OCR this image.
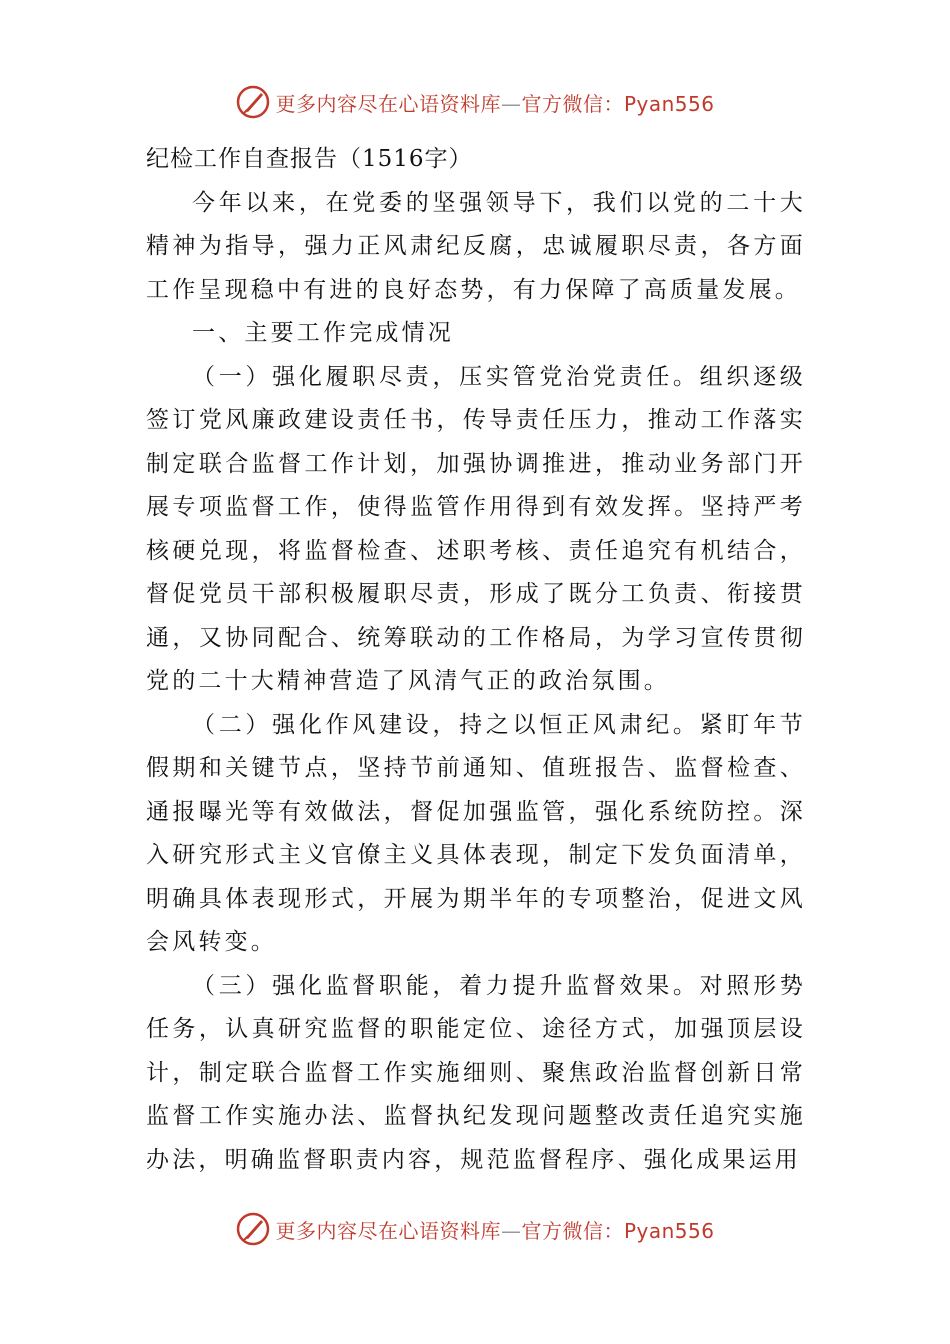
更多内容尽在心语资料库—官方微信：Pyan556

纪检工作自查报告（1516字）

今年以来，在党委的坚强领导下，我们以党的二十大精神为指导，强力正风肃纪反腐，忠诚履职尽责，各方面工作呈现稳中有进的良好态势，有力保障了高质量发展。

一、主要工作完成情况

（一）强化履职尽责，压实管党治党责任。组织逐级签订党风廉政建设责任书，传导责任压力，推动工作落实制定联合监督工作计划，加强协调推进，推动业务部门开展专项监督工作，使得监管作用得到有效发挥。坚持严考核硬兑现，将监督检查、述职考核、责任追究有机结合，督促党员干部积极履职尽责，形成了既分工负责、衔接贯通，又协同配合、统筹联动的工作格局，为学习宣传贯彻党的二十大精神营造了风清气正的政治氛围。

（二）强化作风建设，持之以恒正风肃纪。紧盯年节假期和关键节点，坚持节前通知、值班报告、监督检查、通报曝光等有效做法，督促加强监管，强化系统防控。深入研究形式主义官僚主义具体表现，制定下发负面清单，明确具体表现形式，开展为期半年的专项整治，促进文风会风转变。

（三）强化监督职能，着力提升监督效果。对照形势任务，认真研究监督的职能定位、途径方式，加强顶层设计，制定联合监督工作实施细则、聚焦政治监督创新日常监督工作实施办法、监督执纪发现问题整改责任追究实施办法，明确监督职责内容，规范监督程序、强化成果运用

更多内容尽在心语资料库—官方微信：Pyan556
